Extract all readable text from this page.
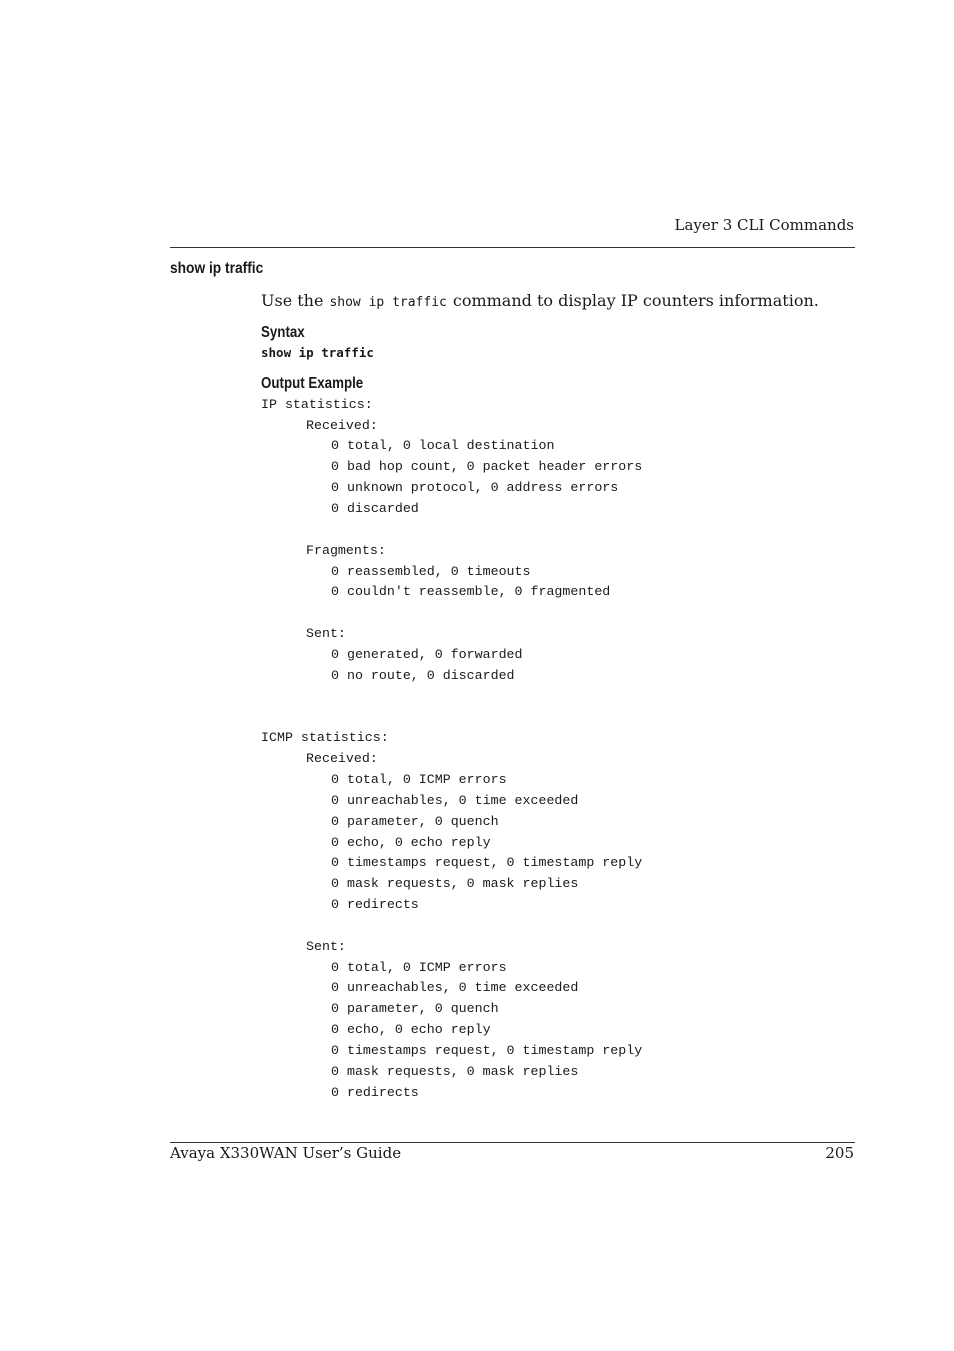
Layer 3 CLI Commands
show ip traffic
Use the show ip traffic command to display IP counters information.
Syntax
show ip traffic
Output Example
IP statistics:
Received:
0 total, 0 local destination
0 bad hop count, 0 packet header errors
0 unknown protocol, 0 address errors
0 discarded
Fragments:
0 reassembled, 0 timeouts
0 couldn't reassemble, 0 fragmented
Sent:
0 generated, 0 forwarded
0 no route, 0 discarded
ICMP statistics:
Received:
0 total, 0 ICMP errors
0 unreachables, 0 time exceeded
0 parameter, 0 quench
0 echo, 0 echo reply
0 timestamps request, 0 timestamp reply
0 mask requests, 0 mask replies
0 redirects
Sent:
0 total, 0 ICMP errors
0 unreachables, 0 time exceeded
0 parameter, 0 quench
0 echo, 0 echo reply
0 timestamps request, 0 timestamp reply
0 mask requests, 0 mask replies
0 redirects
Avaya X330WAN User’s Guide	205
